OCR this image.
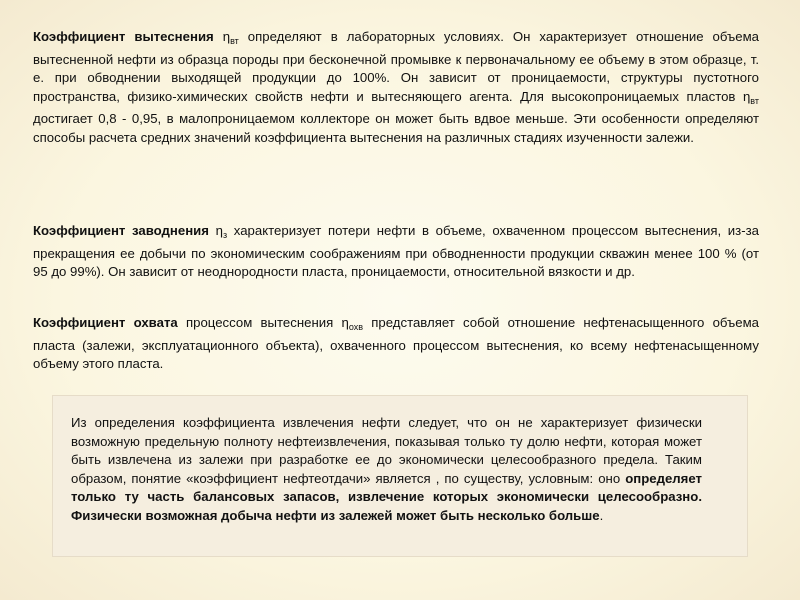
Коэффициент вытеснения $\eta_{вт}$ определяют в лабораторных условиях. Он характеризует отношение объема вытесненной нефти из образца породы при бесконечной промывке к первоначальному ее объему в этом образце, т. е. при обводнении выходящей продукции до 100%. Он зависит от проницаемости, структуры пустотного пространства, физико-химических свойств нефти и вытесняющего агента. Для высокопроницаемых пластов $\eta_{вт}$ достигает 0,8 - 0,95, в малопроницаемом коллекторе он может быть вдвое меньше. Эти особенности определяют способы расчета средних значений коэффициента вытеснения на различных стадиях изученности залежи.
Коэффициент заводнения $\eta_з$ характеризует потери нефти в объеме, охваченном процессом вытеснения, из-за прекращения ее добычи по экономическим соображениям при обводненности продукции скважин менее 100 % (от 95 до 99%). Он зависит от неоднородности пласта, проницаемости, относительной вязкости и др.
Коэффициент охвата процессом вытеснения $\eta_{охв}$ представляет собой отношение нефтенасыщенного объема пласта (залежи, эксплуатационного объекта), охваченного процессом вытеснения, ко всему нефтенасыщенному объему этого пласта.
Из определения коэффициента извлечения нефти следует, что он не характеризует физически возможную предельную полноту нефтеизвлечения, показывая только ту долю нефти, которая может быть извлечена из залежи при разработке ее до экономически целесообразного предела. Таким образом, понятие «коэффициент нефтеотдачи» является , по существу, условным: оно определяет только ту часть балансовых запасов, извлечение которых экономически целесообразно. Физически возможная добыча нефти из залежей может быть несколько больше.
